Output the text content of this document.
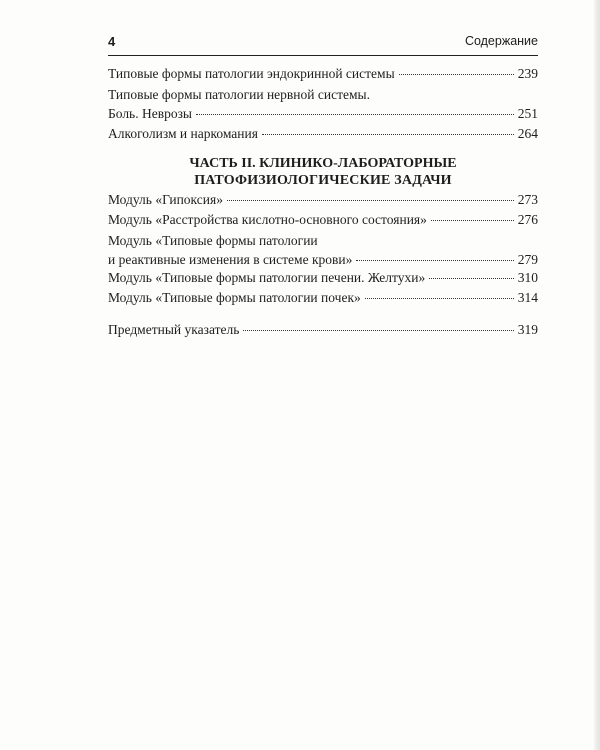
4	Содержание
Типовые формы патологии эндокринной системы	239
Типовые формы патологии нервной системы.
Боль. Неврозы	251
Алкоголизм и наркомания	264
ЧАСТЬ II. КЛИНИКО-ЛАБОРАТОРНЫЕ
ПАТОФИЗИОЛОГИЧЕСКИЕ ЗАДАЧИ
Модуль «Гипоксия»	273
Модуль «Расстройства кислотно-основного состояния»	276
Модуль «Типовые формы патологии
и реактивные изменения в системе крови»	279
Модуль «Типовые формы патологии печени. Желтухи»	310
Модуль «Типовые формы патологии почек»	314
Предметный указатель	319
